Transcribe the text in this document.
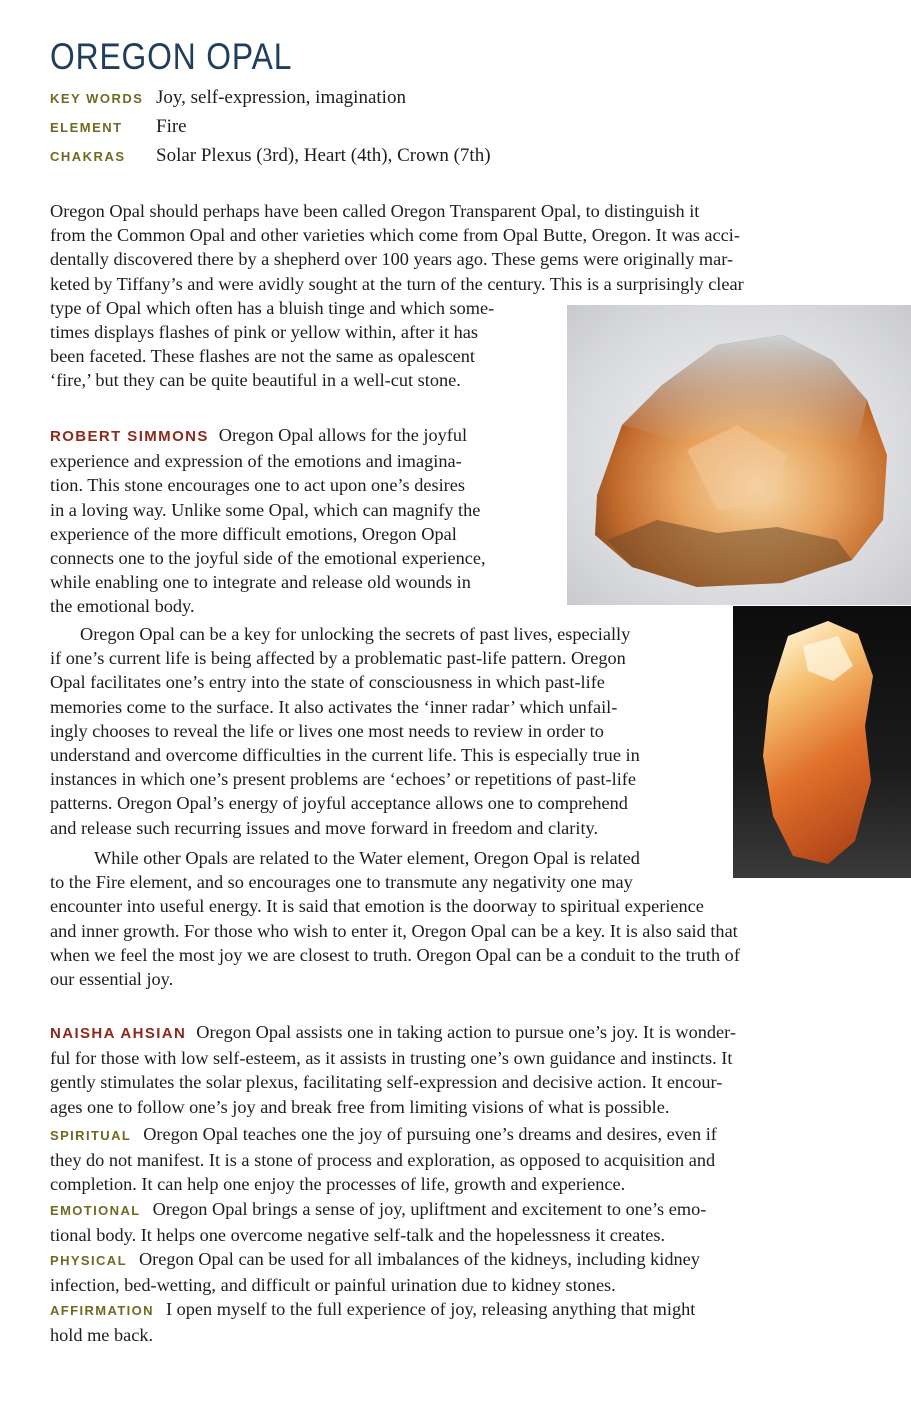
OREGON OPAL
KEY WORDS Joy, self-expression, imagination
ELEMENT Fire
CHAKRAS Solar Plexus (3rd), Heart (4th), Crown (7th)
Oregon Opal should perhaps have been called Oregon Transparent Opal, to distinguish it
from the Common Opal and other varieties which come from Opal Butte, Oregon. It was acci-
dentally discovered there by a shepherd over 100 years ago. These gems were originally mar-
keted by Tiffany’s and were avidly sought at the turn of the century. This is a surprisingly clear
type of Opal which often has a bluish tinge and which some-
times displays flashes of pink or yellow within, after it has
been faceted. These flashes are not the same as opalescent
‘fire,’ but they can be quite beautiful in a well-cut stone.
ROBERT SIMMONS Oregon Opal allows for the joyful
experience and expression of the emotions and imagina-
tion. This stone encourages one to act upon one’s desires
in a loving way. Unlike some Opal, which can magnify the
experience of the more difficult emotions, Oregon Opal
connects one to the joyful side of the emotional experience,
while enabling one to integrate and release old wounds in
the emotional body.
Oregon Opal can be a key for unlocking the secrets of past lives, especially
if one’s current life is being affected by a problematic past-life pattern. Oregon
Opal facilitates one’s entry into the state of consciousness in which past-life
memories come to the surface. It also activates the ‘inner radar’ which unfail-
ingly chooses to reveal the life or lives one most needs to review in order to
understand and overcome difficulties in the current life. This is especially true in
instances in which one’s present problems are ‘echoes’ or repetitions of past-life
patterns. Oregon Opal’s energy of joyful acceptance allows one to comprehend
and release such recurring issues and move forward in freedom and clarity.
While other Opals are related to the Water element, Oregon Opal is related
to the Fire element, and so encourages one to transmute any negativity one may
encounter into useful energy. It is said that emotion is the doorway to spiritual experience
and inner growth. For those who wish to enter it, Oregon Opal can be a key. It is also said that
when we feel the most joy we are closest to truth. Oregon Opal can be a conduit to the truth of
our essential joy.
NAISHA AHSIAN Oregon Opal assists one in taking action to pursue one’s joy. It is wonder-
ful for those with low self-esteem, as it assists in trusting one’s own guidance and instincts. It
gently stimulates the solar plexus, facilitating self-expression and decisive action. It encour-
ages one to follow one’s joy and break free from limiting visions of what is possible.
SPIRITUAL Oregon Opal teaches one the joy of pursuing one’s dreams and desires, even if
they do not manifest. It is a stone of process and exploration, as opposed to acquisition and
completion. It can help one enjoy the processes of life, growth and experience.
EMOTIONAL Oregon Opal brings a sense of joy, upliftment and excitement to one’s emo-
tional body. It helps one overcome negative self-talk and the hopelessness it creates.
PHYSICAL Oregon Opal can be used for all imbalances of the kidneys, including kidney
infection, bed-wetting, and difficult or painful urination due to kidney stones.
AFFIRMATION I open myself to the full experience of joy, releasing anything that might
hold me back.
